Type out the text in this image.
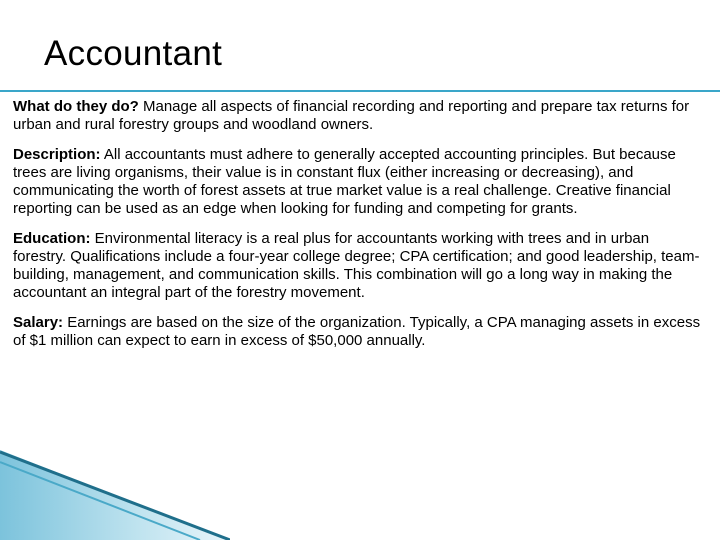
Accountant

What do they do? Manage all aspects of financial recording and reporting and prepare tax returns for urban and rural forestry groups and woodland owners.

Description: All accountants must adhere to generally accepted accounting principles. But because trees are living organisms, their value is in constant flux (either increasing or decreasing), and communicating the worth of forest assets at true market value is a real challenge. Creative financial reporting can be used as an edge when looking for funding and competing for grants.

Education: Environmental literacy is a real plus for accountants working with trees and in urban forestry. Qualifications include a four-year college degree; CPA certification; and good leadership, team-building, management, and communication skills. This combination will go a long way in making the accountant an integral part of the forestry movement.

Salary: Earnings are based on the size of the organization. Typically, a CPA managing assets in excess of $1 million can expect to earn in excess of $50,000 annually.
